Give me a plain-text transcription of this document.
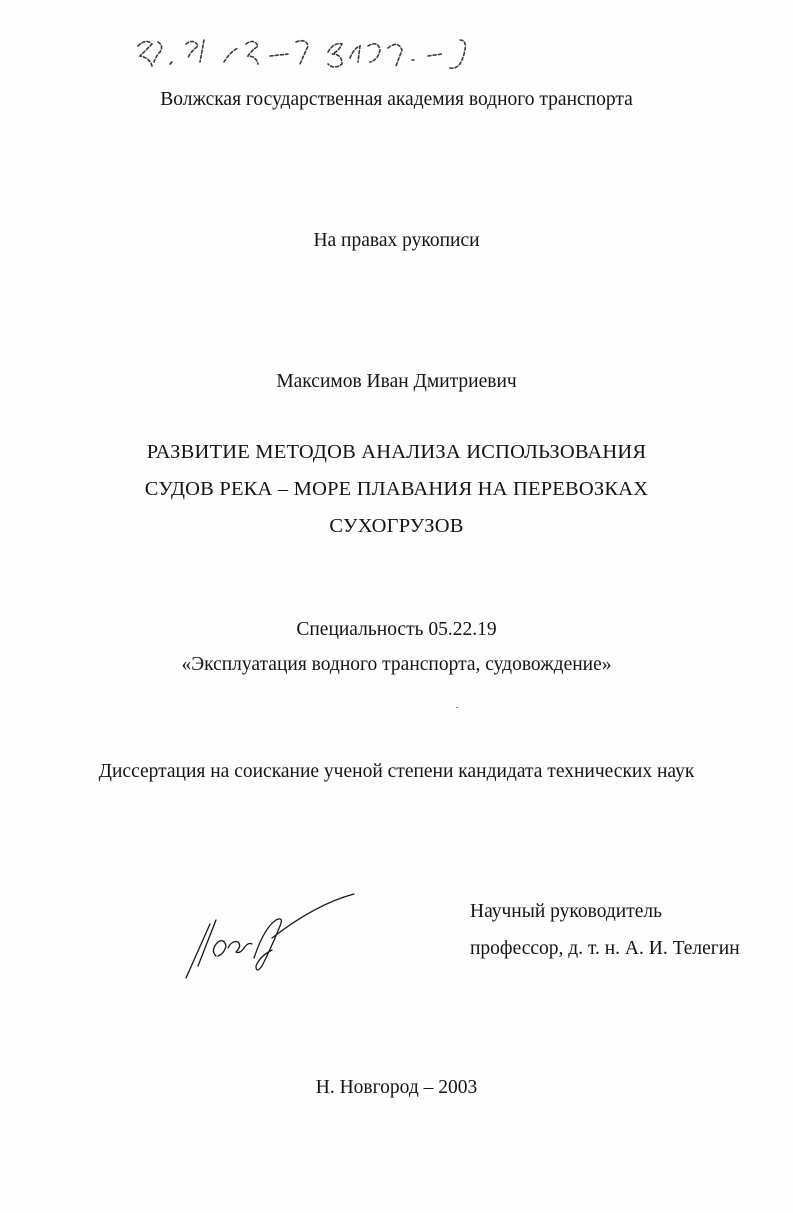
5:1 5/-5/ 3-/6/ -5
Волжская государственная академия водного транспорта
На правах рукописи
Максимов Иван Дмитриевич
РАЗВИТИЕ МЕТОДОВ АНАЛИЗА ИСПОЛЬЗОВАНИЯ
СУДОВ РЕКА – МОРЕ ПЛАВАНИЯ НА ПЕРЕВОЗКАХ
СУХОГРУЗОВ
Специальность 05.22.19
«Эксплуатация водного транспорта, судовождение»
Диссертация на соискание ученой степени кандидата технических наук
Научный руководитель
профессор, д. т. н. А. И. Телегин
Н. Новгород – 2003
